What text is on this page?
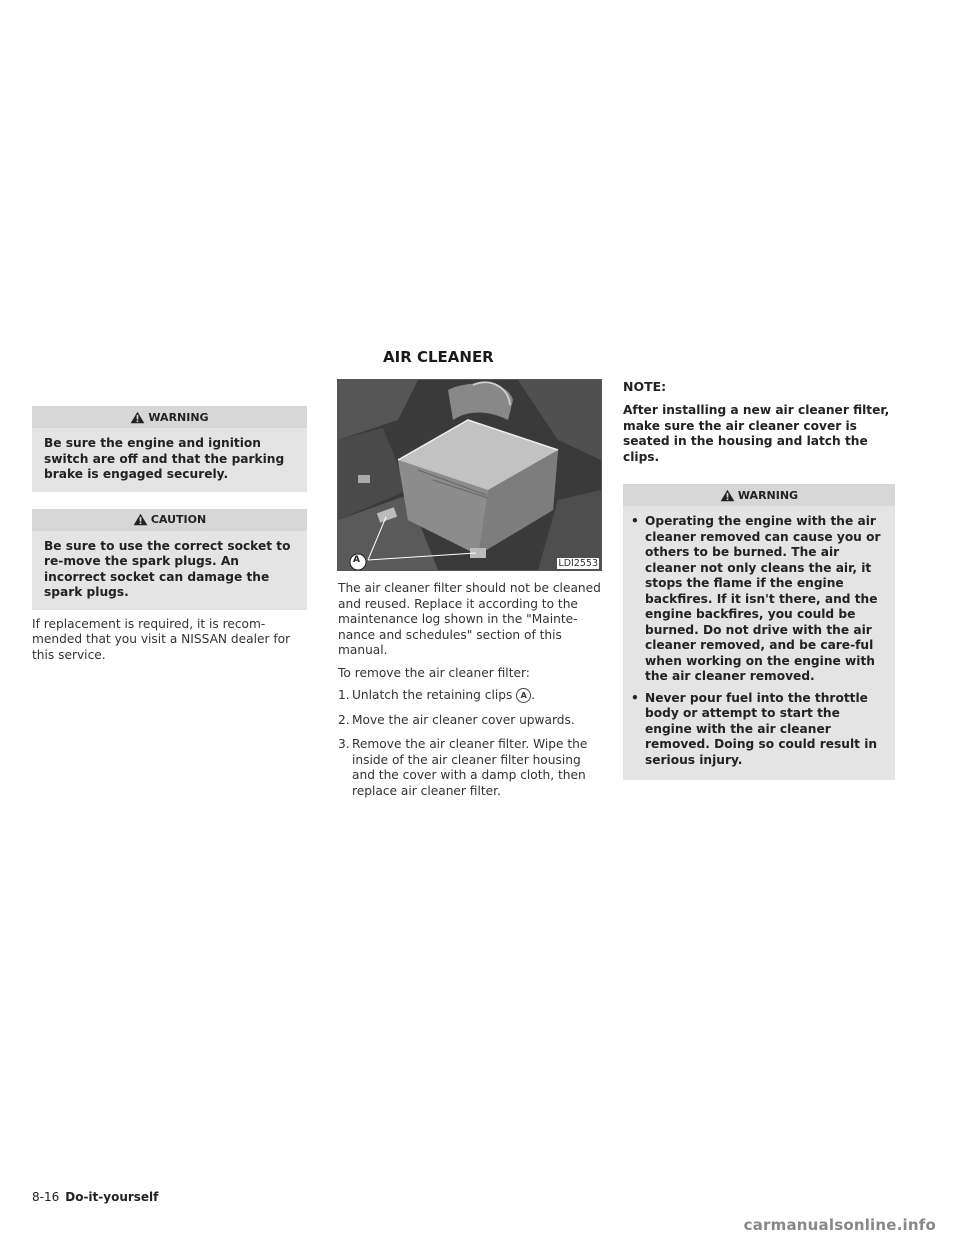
AIR CLEANER
WARNING
Be sure the engine and ignition switch are off and that the parking brake is engaged securely.
CAUTION
Be sure to use the correct socket to re-move the spark plugs. An incorrect socket can damage the spark plugs.
If replacement is required, it is recom-mended that you visit a NISSAN dealer for this service.
A	LDI2553
The air cleaner filter should not be cleaned and reused. Replace it according to the maintenance log shown in the "Mainte-nance and schedules" section of this manual.
To remove the air cleaner filter:
1. Unlatch the retaining clips A .
2. Move the air cleaner cover upwards.
3. Remove the air cleaner filter. Wipe the inside of the air cleaner filter housing and the cover with a damp cloth, then replace air cleaner filter.
NOTE:
After installing a new air cleaner filter, make sure the air cleaner cover is seated in the housing and latch the clips.
WARNING
• Operating the engine with the air cleaner removed can cause you or others to be burned. The air cleaner not only cleans the air, it stops the flame if the engine backfires. If it isn't there, and the engine backfires, you could be burned. Do not drive with the air cleaner removed, and be care-ful when working on the engine with the air cleaner removed.
• Never pour fuel into the throttle body or attempt to start the engine with the air cleaner removed. Doing so could result in serious injury.
8-16 Do-it-yourself
carmanualsonline.info
